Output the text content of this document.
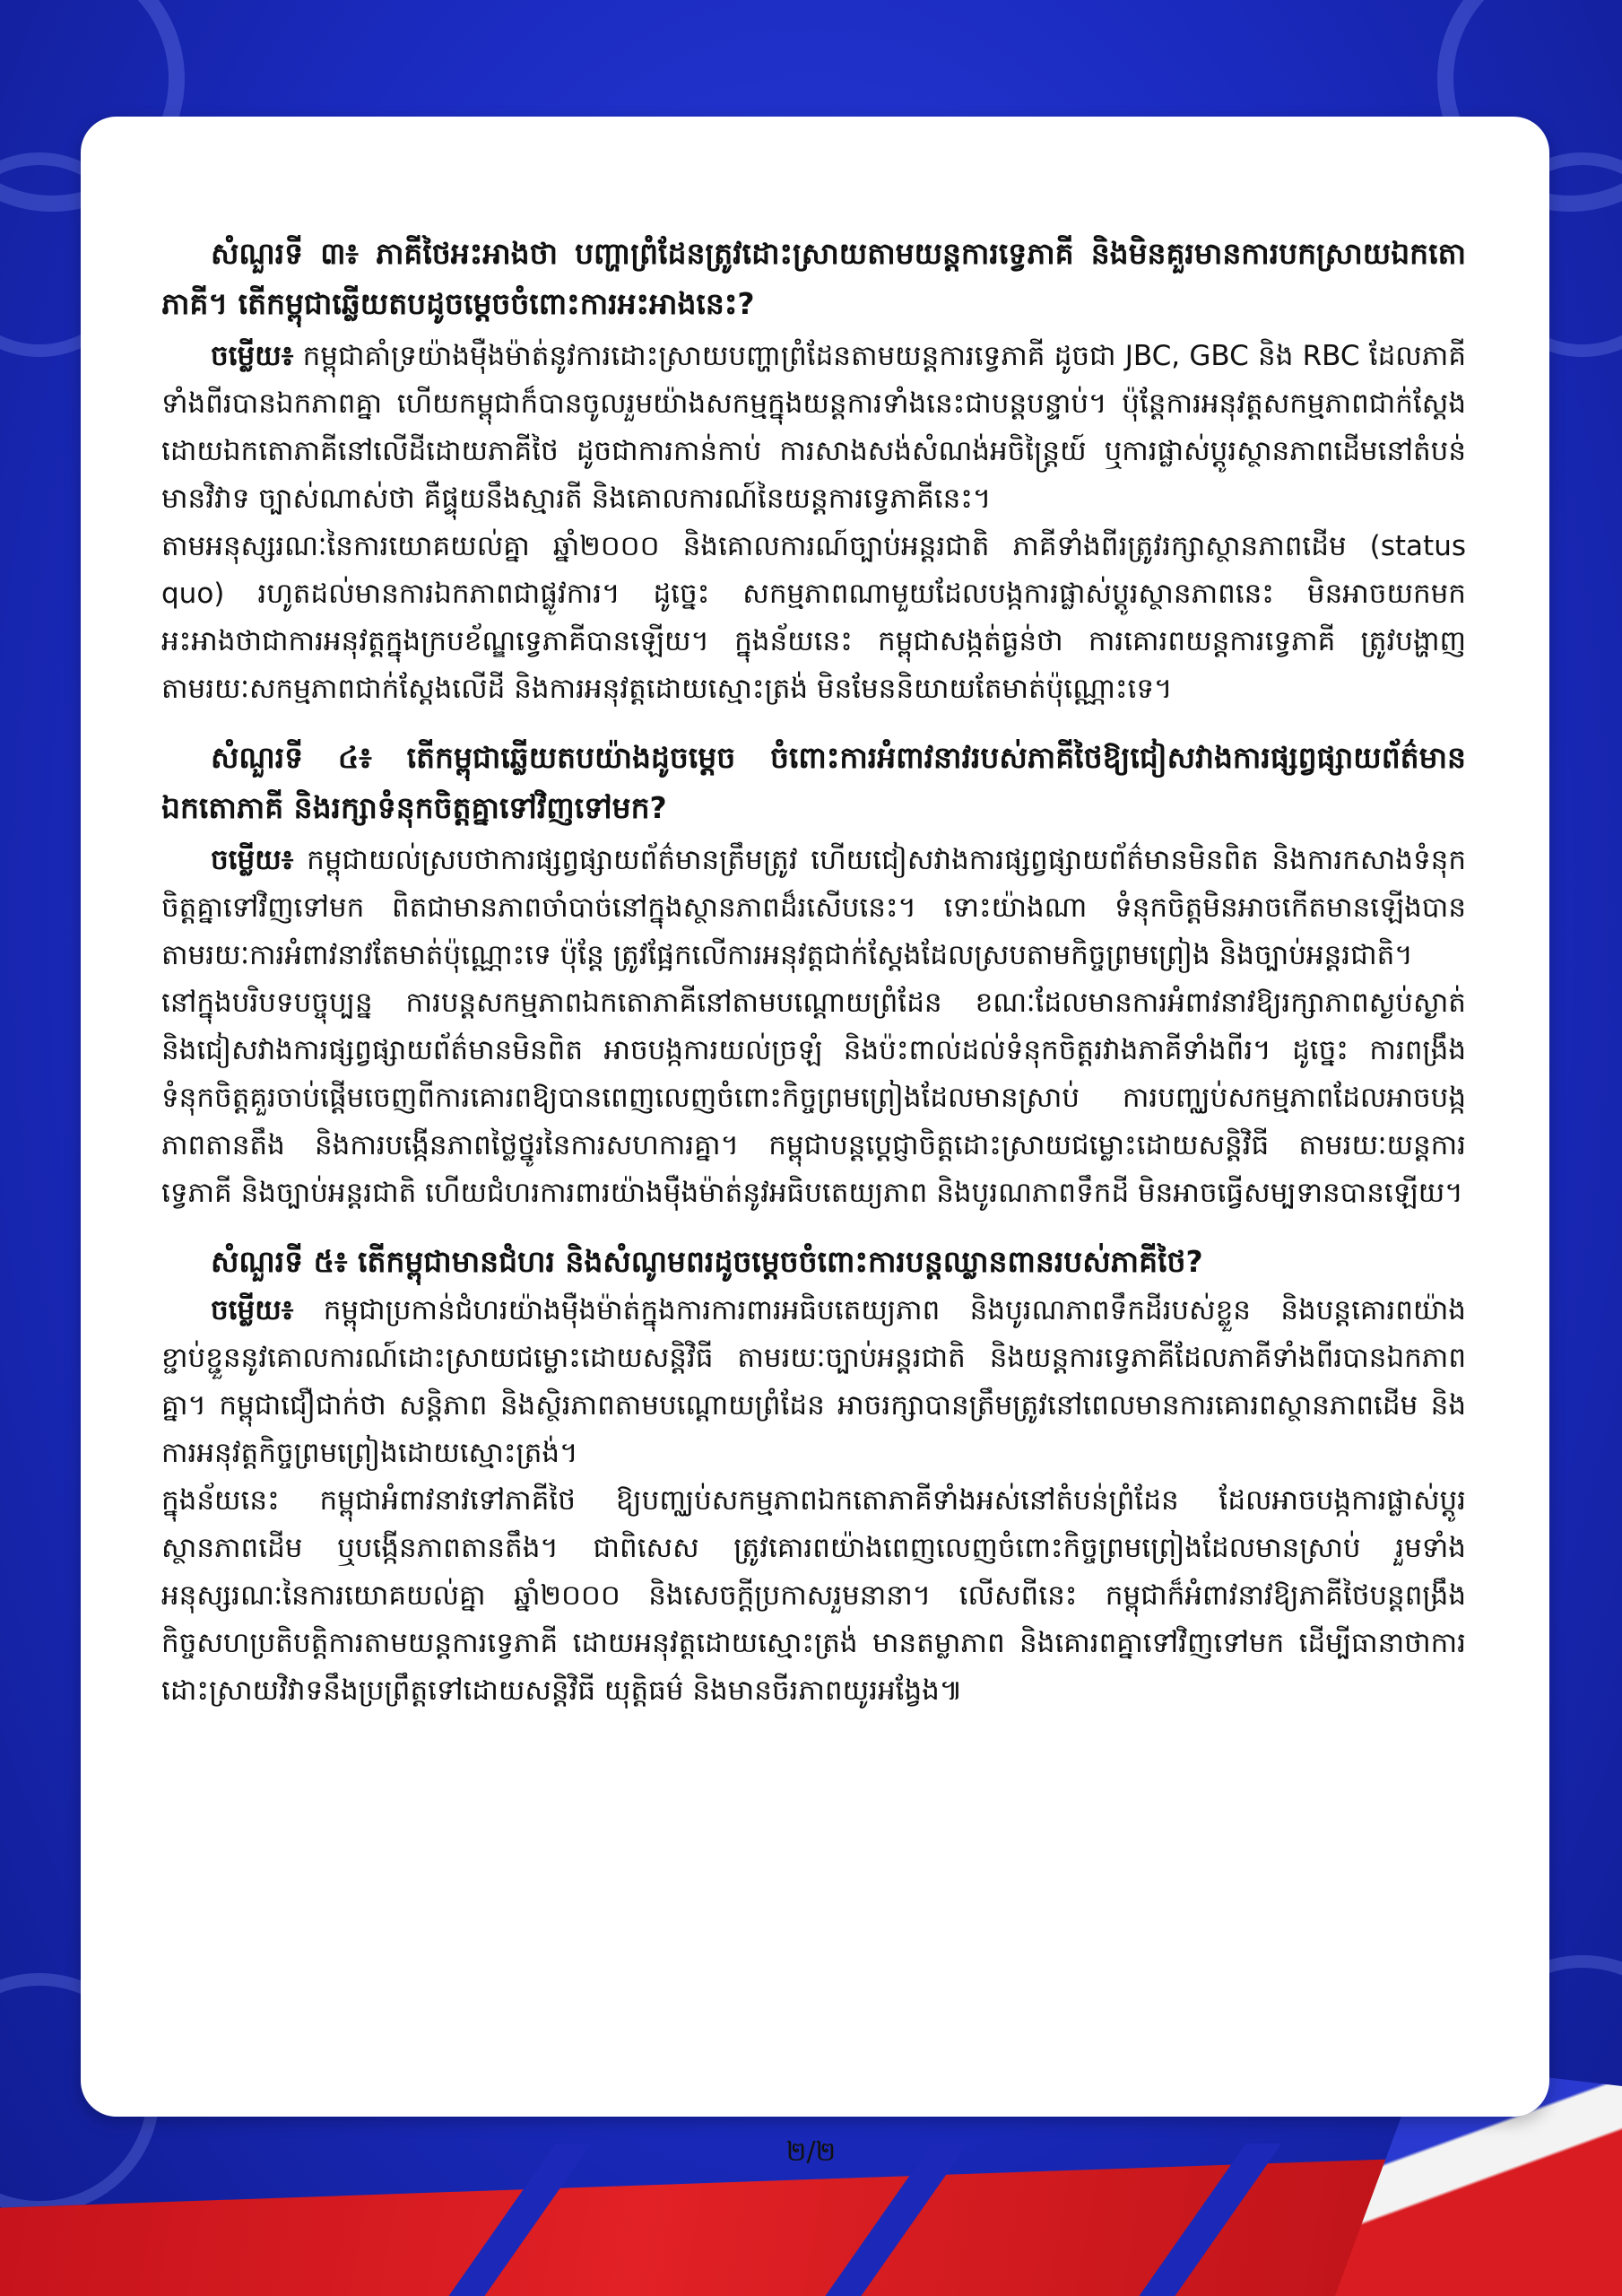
សំណួរទី ៣៖ ភាគីថៃអះអាងថា បញ្ហាព្រំដែនត្រូវដោះស្រាយតាមយន្តការទ្វេភាគី និងមិនគួរមានការបកស្រាយឯកតោភាគី។ តើកម្ពុជាឆ្លើយតបដូចម្ដេចចំពោះការអះអាងនេះ?

ចម្លើយ៖ កម្ពុជាគាំទ្រយ៉ាងមុឺងម៉ាត់នូវការដោះស្រាយបញ្ហាព្រំដែនតាមយន្តការទ្វេភាគី ដូចជា JBC, GBC និង RBC ដែលភាគីទាំងពីរបានឯកភាពគ្នា ហើយកម្ពុជាក៏បានចូលរួមយ៉ាងសកម្មក្នុងយន្តការទាំងនេះជាបន្តបន្ទាប់។ ប៉ុន្តែការអនុវត្តសកម្មភាពជាក់ស្តែងដោយឯកតោភាគីនៅលើដីដោយភាគីថៃ ដូចជាការកាន់កាប់ ការសាងសង់សំណង់អចិន្ត្រៃយ៍ ឬការផ្លាស់ប្តូរស្ថានភាពដើមនៅតំបន់មានវិវាទ ច្បាស់ណាស់ថា គឺផ្ទុយនឹងស្មារតី និងគោលការណ៍នៃយន្តការទ្វេភាគីនេះ។

តាមអនុស្សរណៈនៃការយោគយល់គ្នា ឆ្នាំ២០០០ និងគោលការណ៍ច្បាប់អន្តរជាតិ ភាគីទាំងពីរត្រូវរក្សាស្ថានភាពដើម (status quo) រហូតដល់មានការឯកភាពជាផ្លូវការ។ ដូច្នេះ សកម្មភាពណាមួយដែលបង្កការផ្លាស់ប្តូរស្ថានភាពនេះ មិនអាចយកមកអះអាងថាជាការអនុវត្តក្នុងក្របខ័ណ្ឌទ្វេភាគីបានឡើយ។ ក្នុងន័យនេះ កម្ពុជាសង្កត់ធ្ងន់ថា ការគោរពយន្តការទ្វេភាគី ត្រូវបង្ហាញតាមរយៈសកម្មភាពជាក់ស្តែងលើដី និងការអនុវត្តដោយស្មោះត្រង់ មិនមែននិយាយតែមាត់ប៉ុណ្ណោះទេ។

សំណួរទី ៤៖ តើកម្ពុជាឆ្លើយតបយ៉ាងដូចម្តេច ចំពោះការអំពាវនាវរបស់ភាគីថៃឱ្យជៀសវាងការផ្សព្វផ្សាយព័ត៌មានឯកតោភាគី និងរក្សាទំនុកចិត្តគ្នាទៅវិញទៅមក?

ចម្លើយ៖ កម្ពុជាយល់ស្របថាការផ្សព្វផ្សាយព័ត៌មានត្រឹមត្រូវ ហើយជៀសវាងការផ្សព្វផ្សាយព័ត៌មានមិនពិត និងការកសាងទំនុកចិត្តគ្នាទៅវិញទៅមក ពិតជាមានភាពចាំបាច់នៅក្នុងស្ថានភាពដ៏រសើបនេះ។ ទោះយ៉ាងណា ទំនុកចិត្តមិនអាចកើតមានឡើងបានតាមរយៈការអំពាវនាវតែមាត់ប៉ុណ្ណោះទេ ប៉ុន្តែ ត្រូវផ្អែកលើការអនុវត្តជាក់ស្តែងដែលស្របតាមកិច្ចព្រមព្រៀង និងច្បាប់អន្តរជាតិ។

នៅក្នុងបរិបទបច្ចុប្បន្ន ការបន្តសកម្មភាពឯកតោភាគីនៅតាមបណ្តោយព្រំដែន ខណៈដែលមានការអំពាវនាវឱ្យរក្សាភាពស្ងប់ស្ងាត់ និងជៀសវាងការផ្សព្វផ្សាយព័ត៌មានមិនពិត អាចបង្កការយល់ច្រឡំ និងប៉ះពាល់ដល់ទំនុកចិត្តរវាងភាគីទាំងពីរ។ ដូច្នេះ ការពង្រឹងទំនុកចិត្តគួរចាប់ផ្តើមចេញពីការគោរពឱ្យបានពេញលេញចំពោះកិច្ចព្រមព្រៀងដែលមានស្រាប់ ការបញ្ឈប់សកម្មភាពដែលអាចបង្កភាពតានតឹង និងការបង្កើនភាពថ្លៃថ្នូរនៃការសហការគ្នា។ កម្ពុជាបន្តប្តេជ្ញាចិត្តដោះស្រាយជម្លោះដោយសន្តិវិធី តាមរយៈយន្តការទ្វេភាគី និងច្បាប់អន្តរជាតិ ហើយជំហរការពារយ៉ាងមុឺងម៉ាត់នូវអធិបតេយ្យភាព និងបូរណភាពទឹកដី មិនអាចធ្វើសម្បទានបានឡើយ។

សំណួរទី ៥៖ តើកម្ពុជាមានជំហរ និងសំណូមពរដូចម្តេចចំពោះការបន្តឈ្លានពានរបស់ភាគីថៃ?

ចម្លើយ៖ កម្ពុជាប្រកាន់ជំហរយ៉ាងមុឺងម៉ាត់ក្នុងការការពារអធិបតេយ្យភាព និងបូរណភាពទឹកដីរបស់ខ្លួន និងបន្តគោរពយ៉ាងខ្ជាប់ខ្ជួននូវគោលការណ៍ដោះស្រាយជម្លោះដោយសន្តិវិធី តាមរយៈច្បាប់អន្តរជាតិ និងយន្តការទ្វេភាគីដែលភាគីទាំងពីរបានឯកភាពគ្នា។ កម្ពុជាជឿជាក់ថា សន្តិភាព និងស្ថិរភាពតាមបណ្តោយព្រំដែន អាចរក្សាបានត្រឹមត្រូវនៅពេលមានការគោរពស្ថានភាពដើម និងការអនុវត្តកិច្ចព្រមព្រៀងដោយស្មោះត្រង់។

ក្នុងន័យនេះ កម្ពុជាអំពាវនាវទៅភាគីថៃ ឱ្យបញ្ឈប់សកម្មភាពឯកតោភាគីទាំងអស់នៅតំបន់ព្រំដែន ដែលអាចបង្កការផ្លាស់ប្តូរស្ថានភាពដើម ឬបង្កើនភាពតានតឹង។ ជាពិសេស ត្រូវគោរពយ៉ាងពេញលេញចំពោះកិច្ចព្រមព្រៀងដែលមានស្រាប់ រួមទាំងអនុស្សរណៈនៃការយោគយល់គ្នា ឆ្នាំ២០០០ និងសេចក្តីប្រកាសរួមនានា។ លើសពីនេះ កម្ពុជាក៏អំពាវនាវឱ្យភាគីថៃបន្តពង្រឹងកិច្ចសហប្រតិបត្តិការតាមយន្តការទ្វេភាគី ដោយអនុវត្តដោយស្មោះត្រង់ មានតម្លាភាព និងគោរពគ្នាទៅវិញទៅមក ដើម្បីធានាថាការដោះស្រាយវិវាទនឹងប្រព្រឹត្តទៅដោយសន្តិវិធី យុត្តិធម៌ និងមានចីរភាពយូរអង្វែង៕

២/២
